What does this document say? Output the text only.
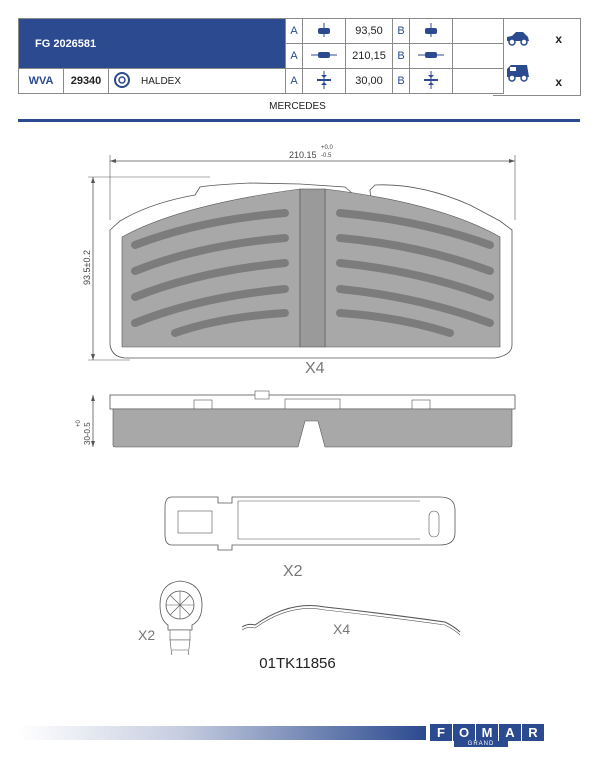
FG 2026581			A		93,50	B		
			A		210,15	B		
WVA	29340	HALDEX	A		30,00	B		
x
x
MERCEDES
210.15
+0.0
-0.5
93.5±0.2
X4
30-0.5
+0
X2
X2	X4
01TK11856
F	O M A	R
GRAND
